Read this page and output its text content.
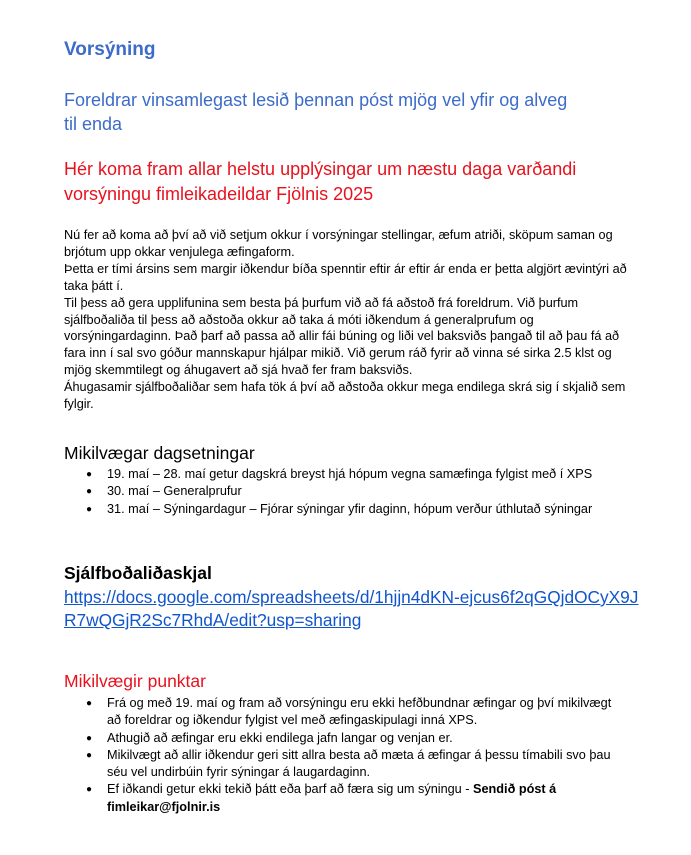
Vorsýning

Foreldrar vinsamlegast lesið þennan póst mjög vel yfir og alveg til enda

Hér koma fram allar helstu upplýsingar um næstu daga varðandi vorsýningu fimleikadeildar Fjölnis 2025

Nú fer að koma að því að við setjum okkur í vorsýningar stellingar, æfum atriði, sköpum saman og brjótum upp okkar venjulega æfingaform.
Þetta er tími ársins sem margir iðkendur bíða spenntir eftir ár eftir ár enda er þetta algjört ævintýri að taka þátt í.
Til þess að gera upplifunina sem besta þá þurfum við að fá aðstoð frá foreldrum. Við þurfum sjálfboðaliða til þess að aðstoða okkur að taka á móti iðkendum á generalprufum og vorsýningardaginn. Það þarf að passa að allir fái búning og liði vel baksviðs þangað til að þau fá að fara inn í sal svo góður mannskapur hjálpar mikið. Við gerum ráð fyrir að vinna sé sirka 2.5 klst og mjög skemmtilegt og áhugavert að sjá hvað fer fram baksviðs.
Áhugasamir sjálfboðaliðar sem hafa tök á því að aðstoða okkur mega endilega skrá sig í skjalið sem fylgir.
Mikilvægar dagsetningar
● 19. maí – 28. maí getur dagskrá breyst hjá hópum vegna samæfinga fylgist með í XPS
● 30. maí – Generalprufur
● 31. maí – Sýningardagur – Fjórar sýningar yfir daginn, hópum verður úthlutað sýningar
Sjálfboðaliðaskjal
https://docs.google.com/spreadsheets/d/1hjjn4dKN-ejcus6f2qGQjdOCyX9JR7wQGjR2Sc7RhdA/edit?usp=sharing
Mikilvægir punktar
● Frá og með 19. maí og fram að vorsýningu eru ekki hefðbundnar æfingar og því mikilvægt að foreldrar og iðkendur fylgist vel með æfingaskipulagi inná XPS.
● Athugið að æfingar eru ekki endilega jafn langar og venjan er.
● Mikilvægt að allir iðkendur geri sitt allra besta að mæta á æfingar á þessu tímabili svo þau séu vel undirbúin fyrir sýningar á laugardaginn.
● Ef iðkandi getur ekki tekið þátt eða þarf að færa sig um sýningu - Sendið póst á fimleikar@fjolnir.is
